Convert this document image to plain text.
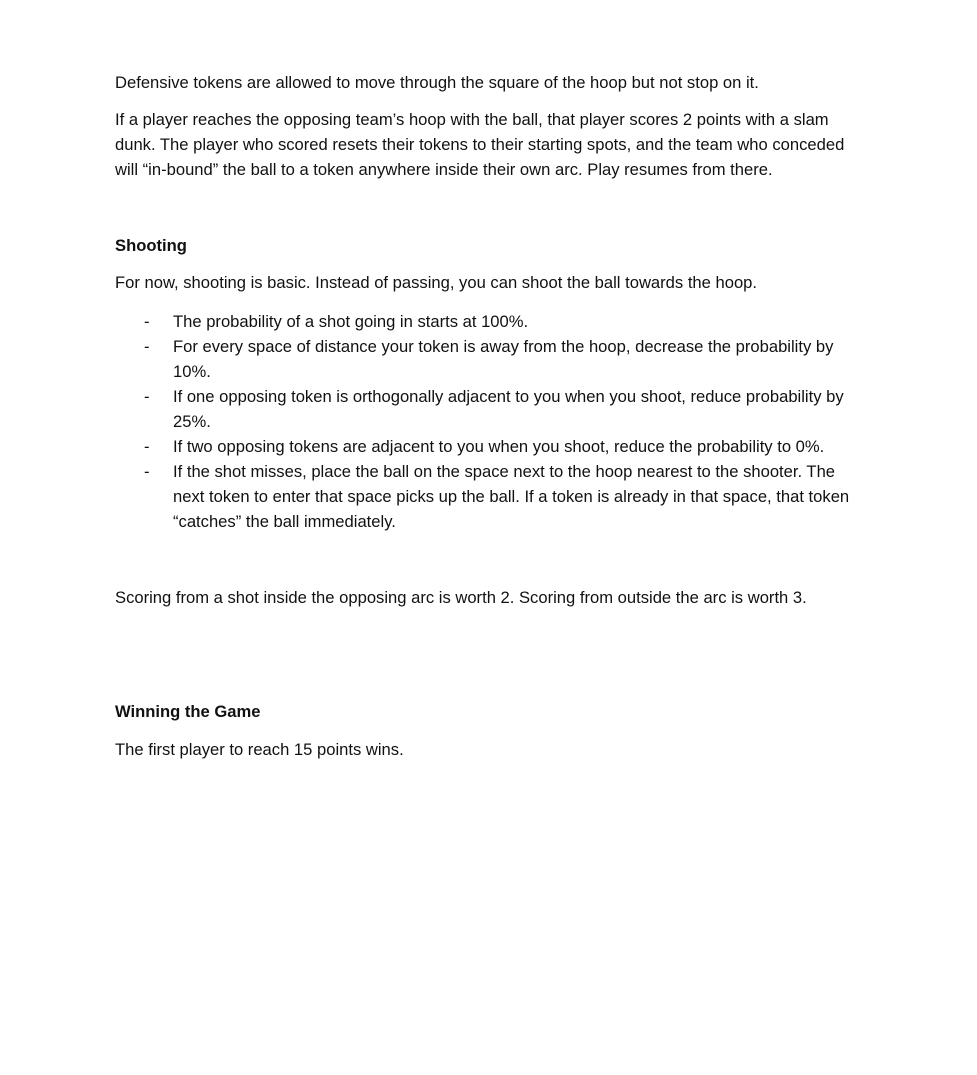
Defensive tokens are allowed to move through the square of the hoop but not stop on it.

If a player reaches the opposing team’s hoop with the ball, that player scores 2 points with a slam dunk. The player who scored resets their tokens to their starting spots, and the team who conceded will “in-bound” the ball to a token anywhere inside their own arc. Play resumes from there.

Shooting

For now, shooting is basic. Instead of passing, you can shoot the ball towards the hoop.

- The probability of a shot going in starts at 100%.
- For every space of distance your token is away from the hoop, decrease the probability by 10%.
- If one opposing token is orthogonally adjacent to you when you shoot, reduce probability by 25%.
- If two opposing tokens are adjacent to you when you shoot, reduce the probability to 0%.
- If the shot misses, place the ball on the space next to the hoop nearest to the shooter. The next token to enter that space picks up the ball. If a token is already in that space, that token “catches” the ball immediately.

Scoring from a shot inside the opposing arc is worth 2. Scoring from outside the arc is worth 3.

Winning the Game

The first player to reach 15 points wins.
